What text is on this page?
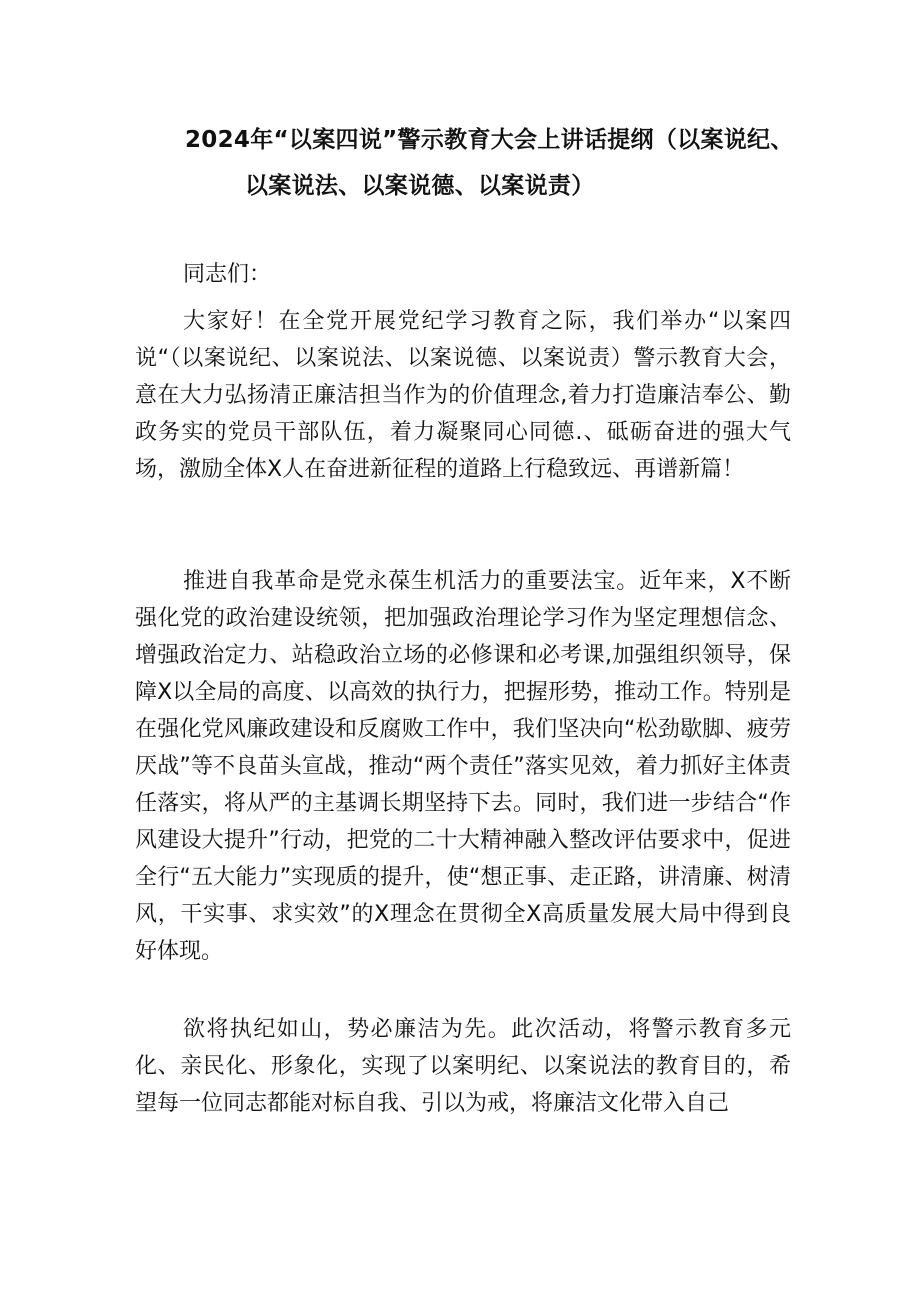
2024年“以案四说”警示教育大会上讲话提纲（以案说纪、
以案说法、以案说德、以案说责）

同志们：

大家好！在全党开展党纪学习教育之际，我们举办“以案四说“（以案说纪、以案说法、以案说德、以案说责）警示教育大会，意在大力弘扬清正廉洁担当作为的价值理念,着力打造廉洁奉公、勤政务实的党员干部队伍，着力凝聚同心同德.、砥砺奋进的强大气场，激励全体X人在奋进新征程的道路上行稳致远、再谱新篇！

推进自我革命是党永葆生机活力的重要法宝。近年来，X不断强化党的政治建设统领，把加强政治理论学习作为坚定理想信念、增强政治定力、站稳政治立场的必修课和必考课,加强组织领导，保障X以全局的高度、以高效的执行力，把握形势，推动工作。特别是在强化党风廉政建设和反腐败工作中，我们坚决向“松劲歇脚、疲劳厌战”等不良苗头宣战，推动“两个责任”落实见效，着力抓好主体责任落实，将从严的主基调长期坚持下去。同时，我们进一步结合“作风建设大提升”行动，把党的二十大精神融入整改评估要求中，促进全行“五大能力”实现质的提升，使“想正事、走正路，讲清廉、树清风，干实事、求实效”的X理念在贯彻全X高质量发展大局中得到良好体现。

欲将执纪如山，势必廉洁为先。此次活动，将警示教育多元化、亲民化、形象化，实现了以案明纪、以案说法的教育目的，希望每一位同志都能对标自我、引以为戒，将廉洁文化带入自己
